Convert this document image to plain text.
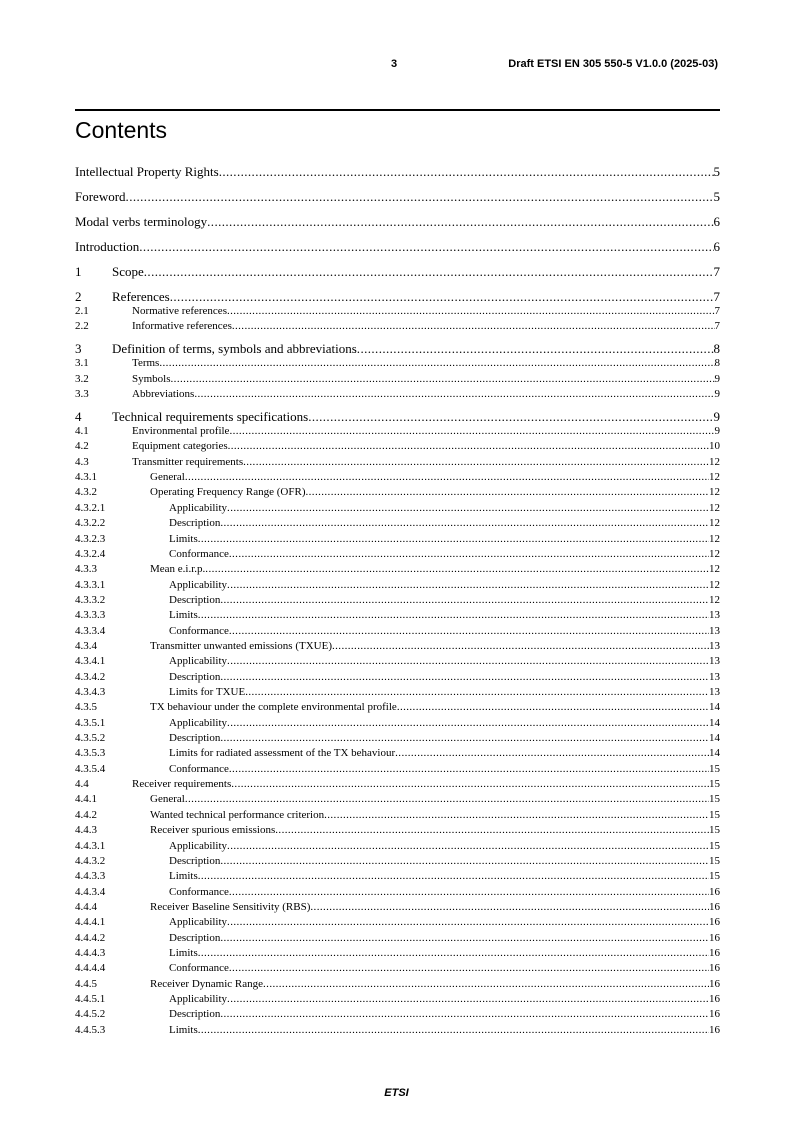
3	Draft ETSI EN 305 550-5 V1.0.0 (2025-03)
Contents
Intellectual Property Rights .....	5
Foreword .....	5
Modal verbs terminology .....	6
Introduction .....	6
1	Scope .....	7
2	References .....	7
2.1	Normative references .....	7
2.2	Informative references .....	7
3	Definition of terms, symbols and abbreviations .....	8
3.1	Terms .....	8
3.2	Symbols .....	9
3.3	Abbreviations .....	9
4	Technical requirements specifications .....	9
4.1	Environmental profile .....	9
4.2	Equipment categories .....	10
4.3	Transmitter requirements .....	12
4.3.1	General .....	12
4.3.2	Operating Frequency Range (OFR) .....	12
4.3.2.1	Applicability .....	12
4.3.2.2	Description .....	12
4.3.2.3	Limits .....	12
4.3.2.4	Conformance .....	12
4.3.3	Mean e.i.r.p. .....	12
4.3.3.1	Applicability .....	12
4.3.3.2	Description .....	12
4.3.3.3	Limits .....	13
4.3.3.4	Conformance .....	13
4.3.4	Transmitter unwanted emissions (TXUE) .....	13
4.3.4.1	Applicability .....	13
4.3.4.2	Description .....	13
4.3.4.3	Limits for TXUE .....	13
4.3.5	TX behaviour under the complete environmental profile .....	14
4.3.5.1	Applicability .....	14
4.3.5.2	Description .....	14
4.3.5.3	Limits for radiated assessment of the TX behaviour .....	14
4.3.5.4	Conformance .....	15
4.4	Receiver requirements .....	15
4.4.1	General .....	15
4.4.2	Wanted technical performance criterion .....	15
4.4.3	Receiver spurious emissions .....	15
4.4.3.1	Applicability .....	15
4.4.3.2	Description .....	15
4.4.3.3	Limits .....	15
4.4.3.4	Conformance .....	16
4.4.4	Receiver Baseline Sensitivity (RBS) .....	16
4.4.4.1	Applicability .....	16
4.4.4.2	Description .....	16
4.4.4.3	Limits .....	16
4.4.4.4	Conformance .....	16
4.4.5	Receiver Dynamic Range .....	16
4.4.5.1	Applicability .....	16
4.4.5.2	Description .....	16
4.4.5.3	Limits .....	16
ETSI
